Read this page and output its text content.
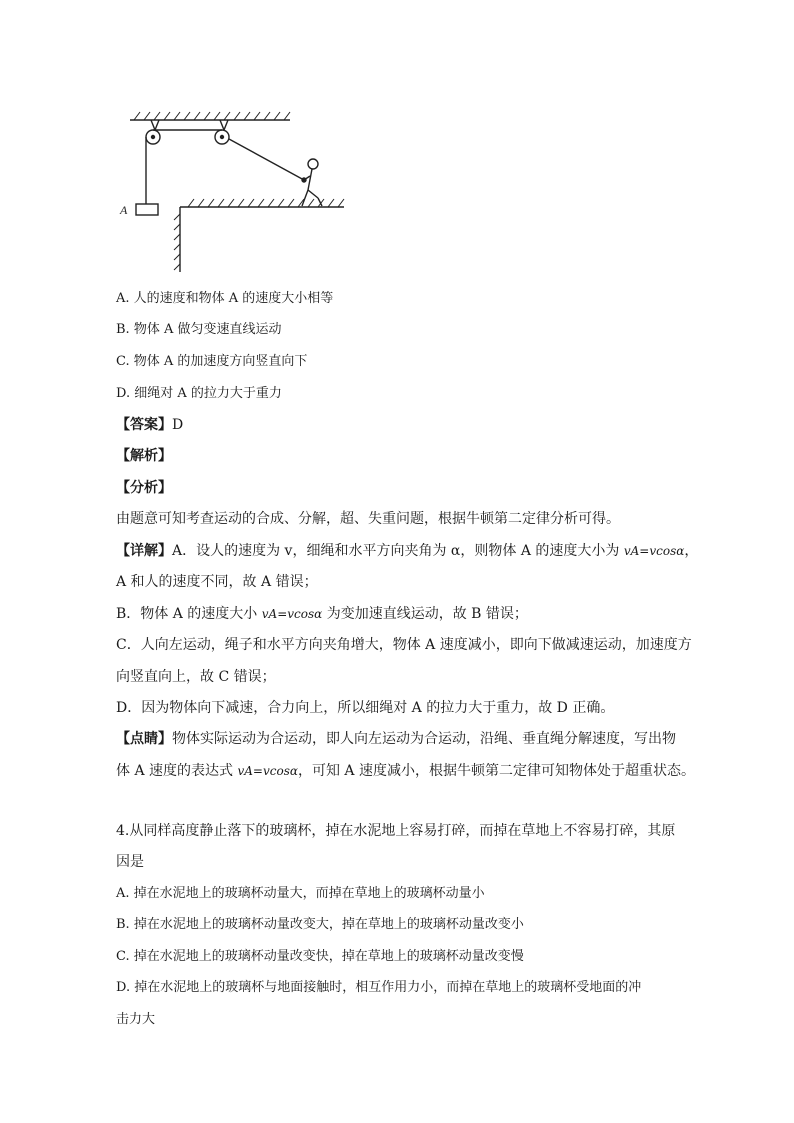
A
A. 人的速度和物体 A 的速度大小相等
B. 物体 A 做匀变速直线运动
C. 物体 A 的加速度方向竖直向下
D. 细绳对 A 的拉力大于重力
【答案】D
【解析】
【分析】
由题意可知考查运动的合成、分解，超、失重问题，根据牛顿第二定律分析可得。
【详解】A．设人的速度为 v，细绳和水平方向夹角为 α，则物体 A 的速度大小为 vA=vcosα，
A 和人的速度不同，故 A 错误；
B．物体 A 的速度大小 vA=vcosα 为变加速直线运动，故 B 错误；
C．人向左运动，绳子和水平方向夹角增大，物体 A 速度减小，即向下做减速运动，加速度方
向竖直向上，故 C 错误；
D．因为物体向下减速，合力向上，所以细绳对 A 的拉力大于重力，故 D 正确。
【点睛】物体实际运动为合运动，即人向左运动为合运动，沿绳、垂直绳分解速度，写出物
体 A 速度的表达式 vA=vcosα，可知 A 速度减小，根据牛顿第二定律可知物体处于超重状态。
4.从同样高度静止落下的玻璃杯，掉在水泥地上容易打碎，而掉在草地上不容易打碎，其原
因是
A. 掉在水泥地上的玻璃杯动量大，而掉在草地上的玻璃杯动量小
B. 掉在水泥地上的玻璃杯动量改变大，掉在草地上的玻璃杯动量改变小
C. 掉在水泥地上的玻璃杯动量改变快，掉在草地上的玻璃杯动量改变慢
D. 掉在水泥地上的玻璃杯与地面接触时，相互作用力小，而掉在草地上的玻璃杯受地面的冲
击力大
